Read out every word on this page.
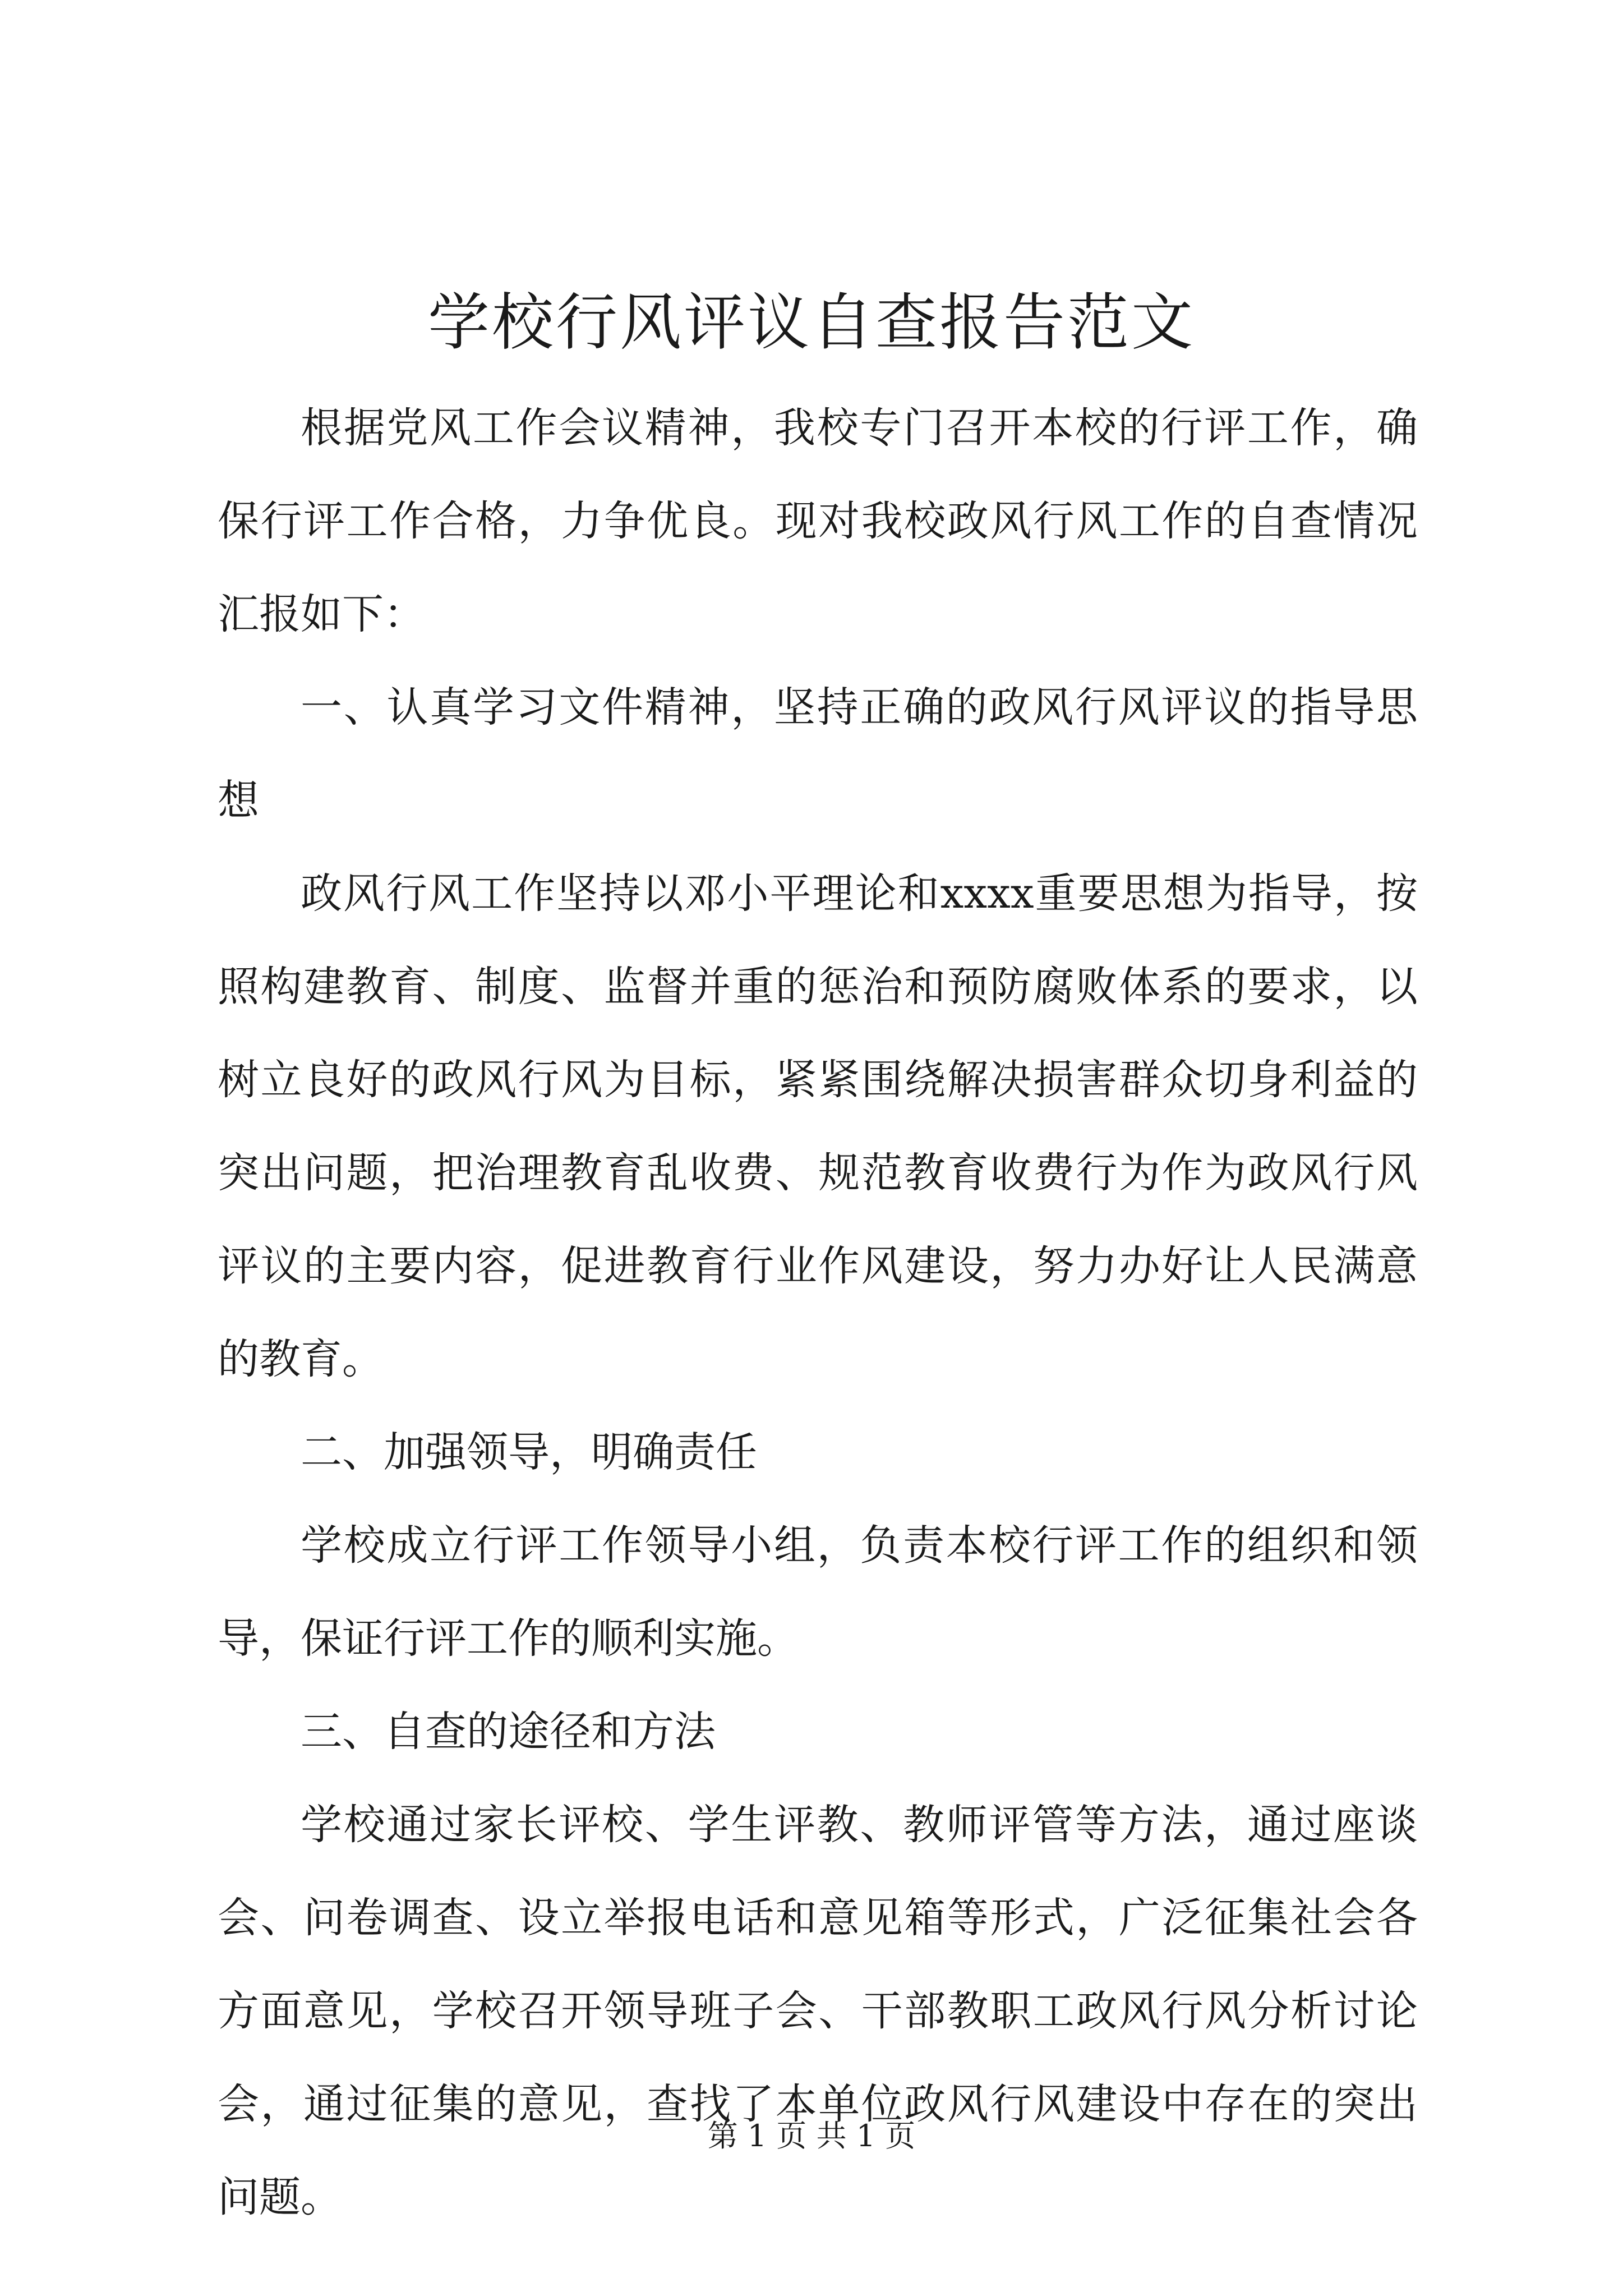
学校行风评议自查报告范文

根据党风工作会议精神，我校专门召开本校的行评工作，确保行评工作合格，力争优良。现对我校政风行风工作的自查情况汇报如下：

一、认真学习文件精神，坚持正确的政风行风评议的指导思想

政风行风工作坚持以邓小平理论和xxxx重要思想为指导，按照构建教育、制度、监督并重的惩治和预防腐败体系的要求，以树立良好的政风行风为目标，紧紧围绕解决损害群众切身利益的突出问题，把治理教育乱收费、规范教育收费行为作为政风行风评议的主要内容，促进教育行业作风建设，努力办好让人民满意的教育。

二、加强领导，明确责任

学校成立行评工作领导小组，负责本校行评工作的组织和领导，保证行评工作的顺利实施。

三、自查的途径和方法

学校通过家长评校、学生评教、教师评管等方法，通过座谈会、问卷调查、设立举报电话和意见箱等形式，广泛征集社会各方面意见，学校召开领导班子会、干部教职工政风行风分析讨论会，通过征集的意见，查找了本单位政风行风建设中存在的突出问题。

第 1 页 共 1 页
